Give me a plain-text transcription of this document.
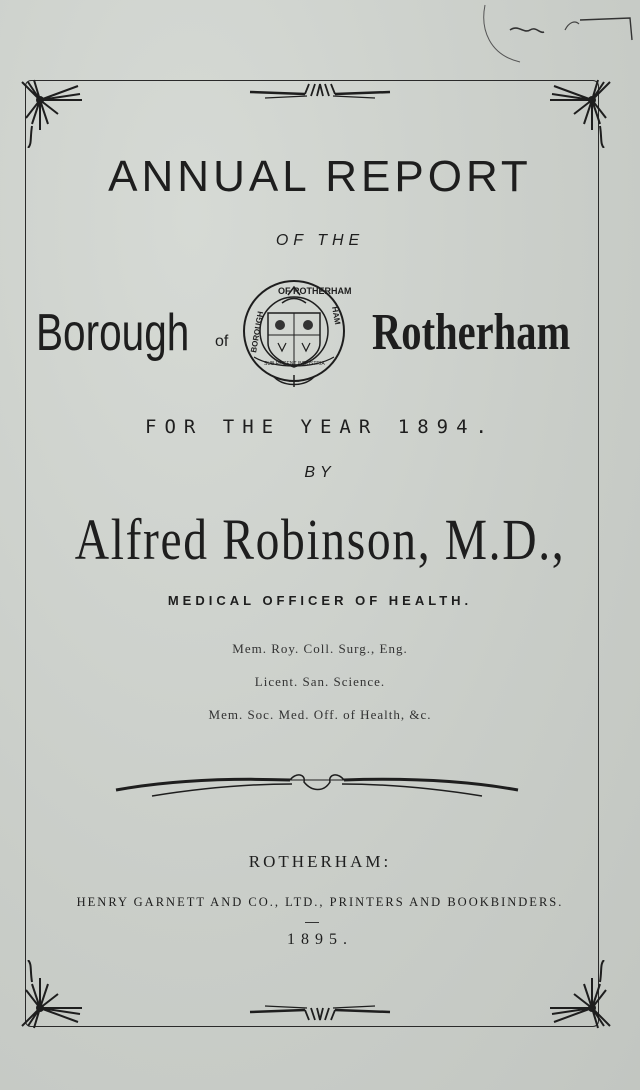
ANNUAL REPORT
OF THE
Borough of
OF ROTHERHAM
BOROUGH	HAM
SUB REGENT INDUSTRIA
Rotherham
FOR THE YEAR 1894.
BY
Alfred Robinson, M.D.,
MEDICAL OFFICER OF HEALTH.
Mem. Roy. Coll. Surg., Eng.
Licent. San. Science.
Mem. Soc. Med. Off. of Health, &c.
ROTHERHAM:
HENRY GARNETT AND CO., LTD., PRINTERS AND BOOKBINDERS.
1895.
